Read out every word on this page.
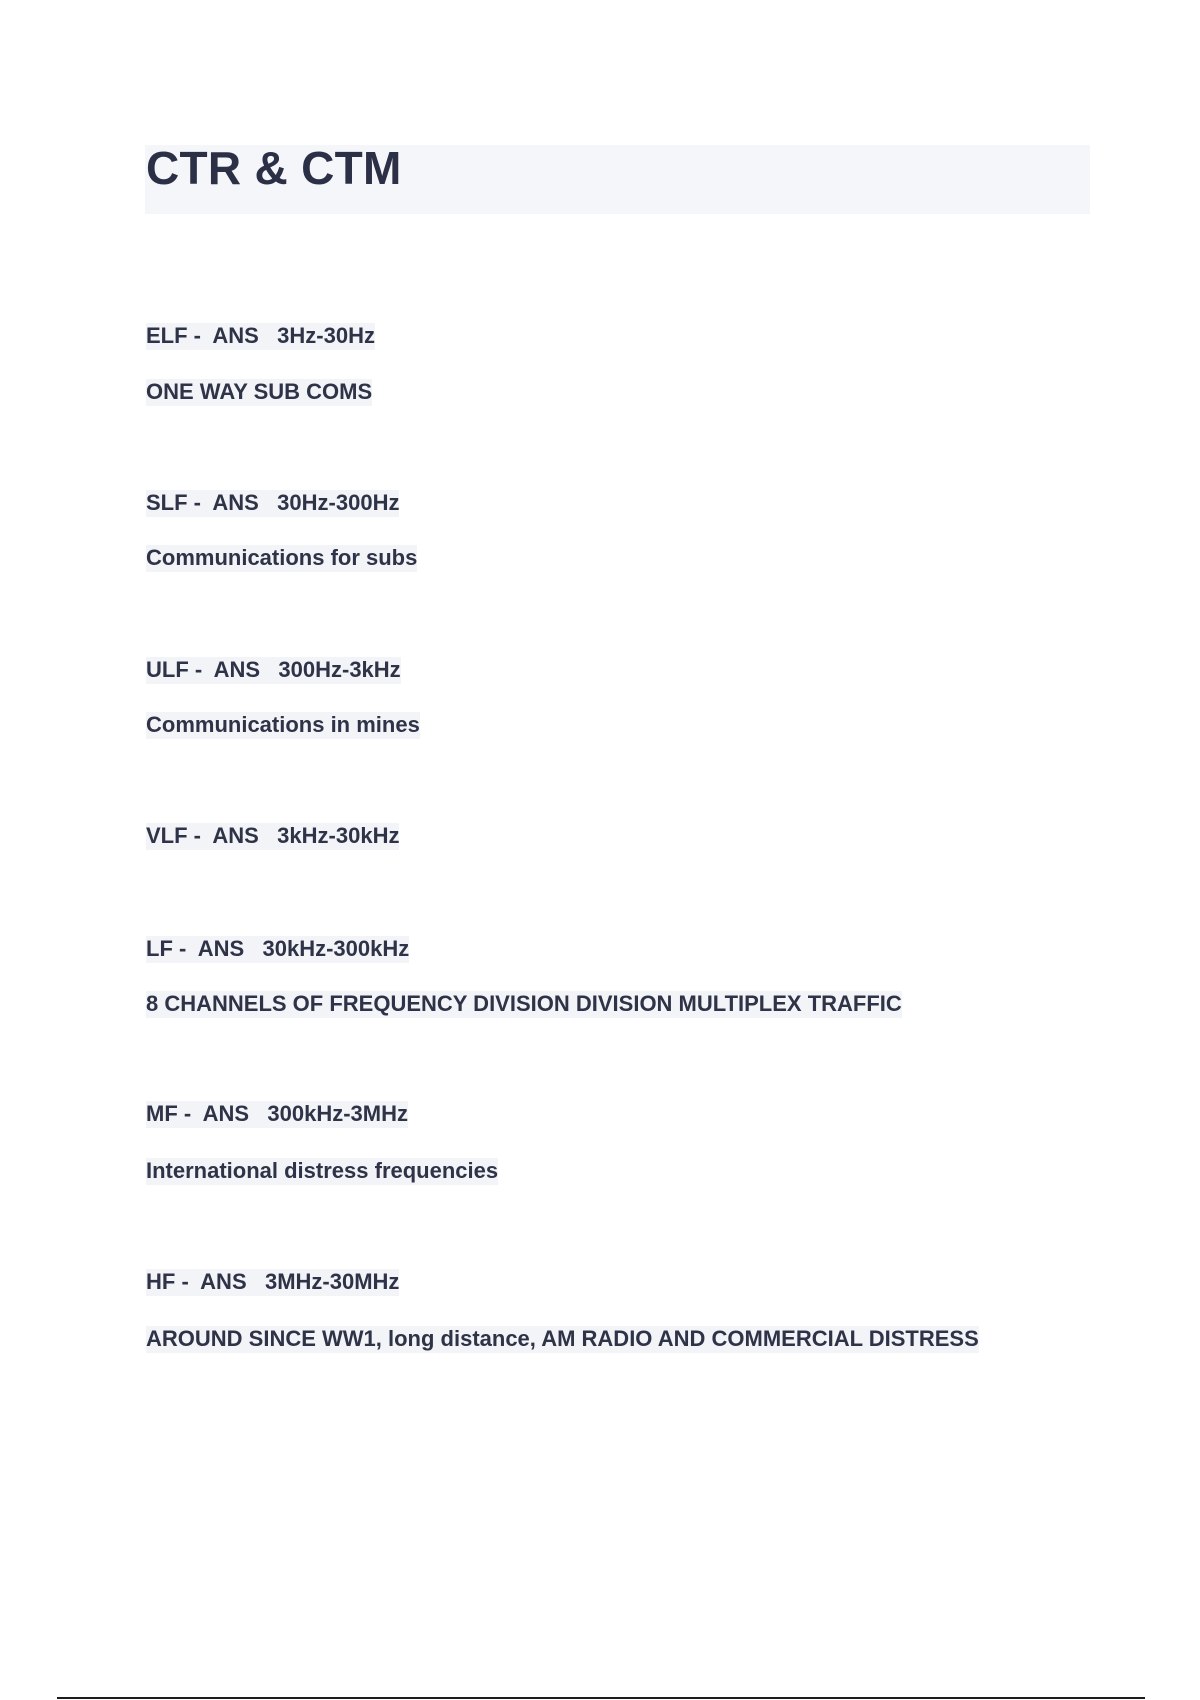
CTR & CTM

ELF -  ANS   3Hz-30Hz

ONE WAY SUB COMS

SLF -  ANS   30Hz-300Hz

Communications for subs

ULF -  ANS   300Hz-3kHz

Communications in mines

VLF -  ANS   3kHz-30kHz

LF -  ANS   30kHz-300kHz

8 CHANNELS OF FREQUENCY DIVISION DIVISION MULTIPLEX TRAFFIC

MF -  ANS   300kHz-3MHz

International distress frequencies

HF -  ANS   3MHz-30MHz

AROUND SINCE WW1, long distance, AM RADIO AND COMMERCIAL DISTRESS
